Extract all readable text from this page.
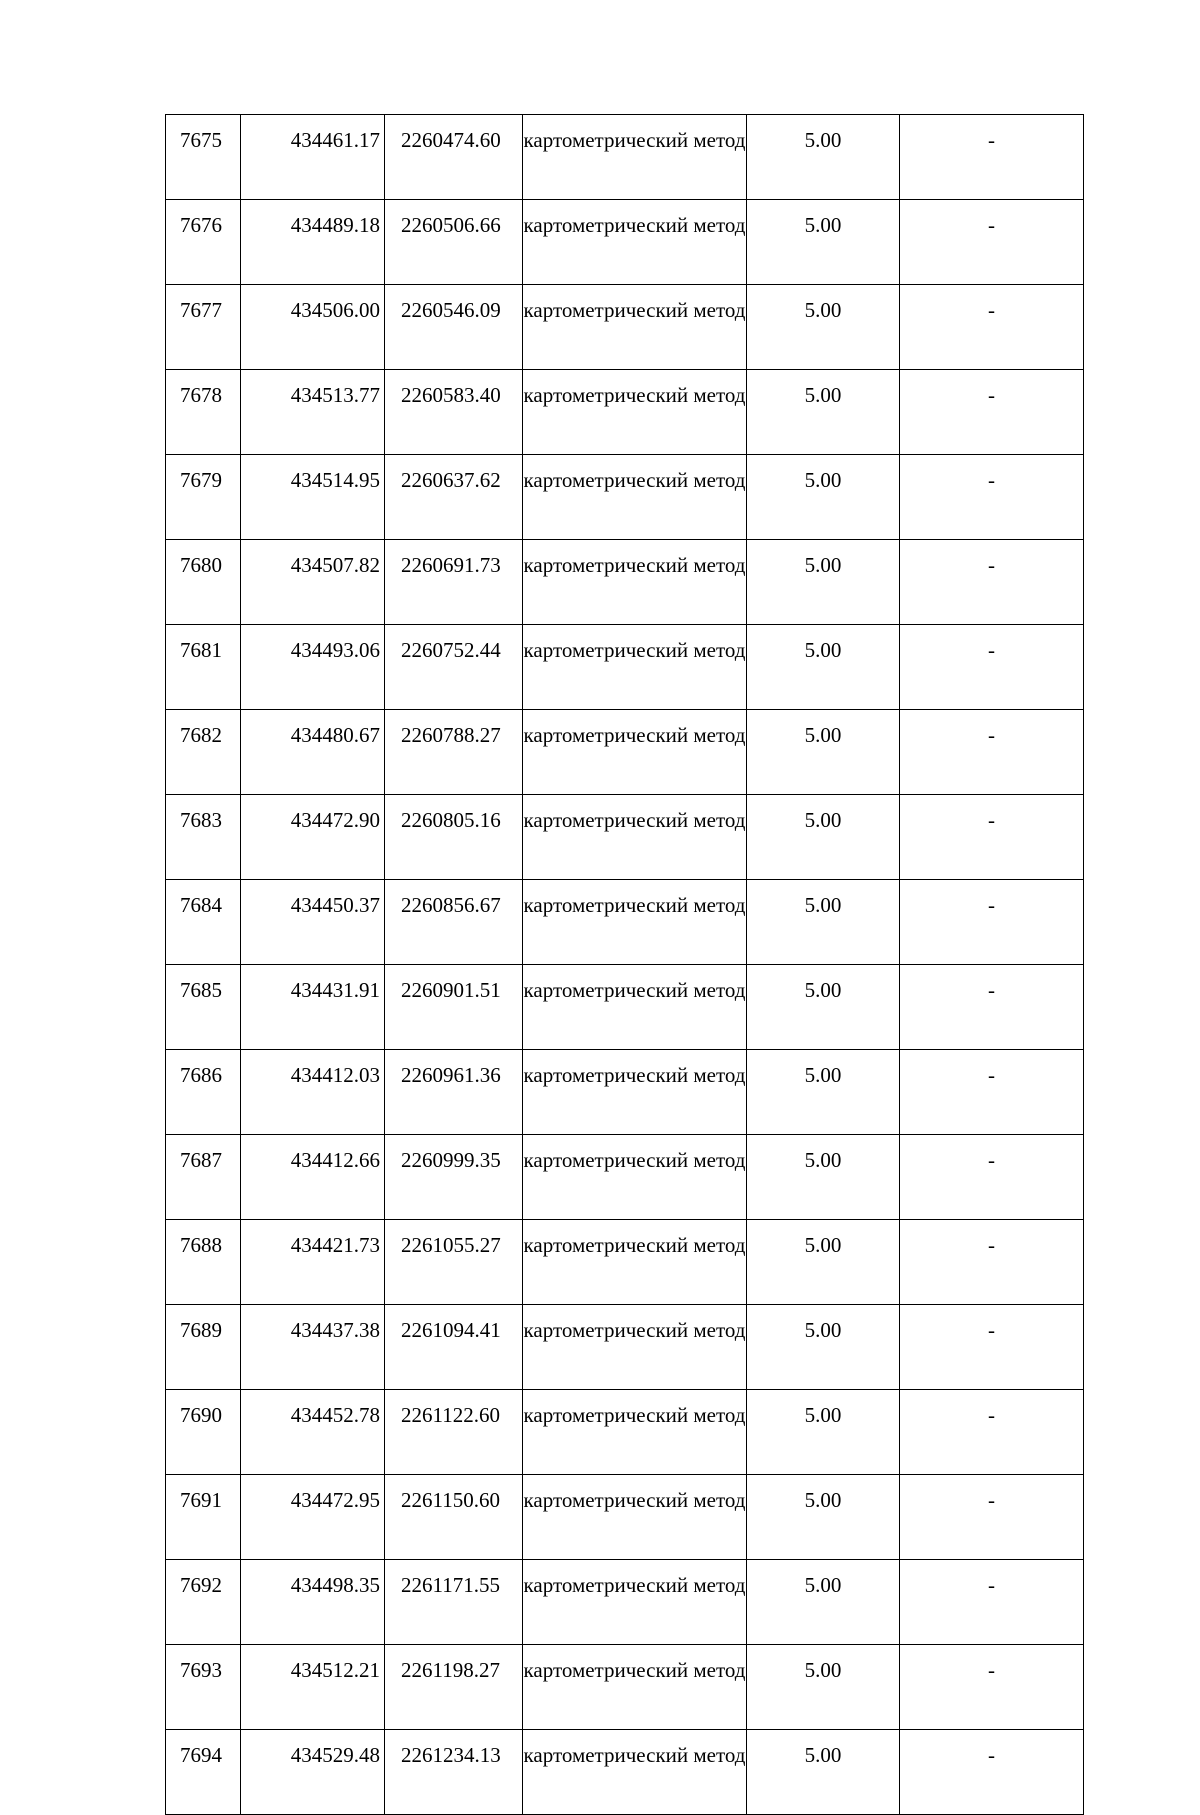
7675	434461.17	2260474.60	картометрический метод	5.00	-
7676	434489.18	2260506.66	картометрический метод	5.00	-
7677	434506.00	2260546.09	картометрический метод	5.00	-
7678	434513.77	2260583.40	картометрический метод	5.00	-
7679	434514.95	2260637.62	картометрический метод	5.00	-
7680	434507.82	2260691.73	картометрический метод	5.00	-
7681	434493.06	2260752.44	картометрический метод	5.00	-
7682	434480.67	2260788.27	картометрический метод	5.00	-
7683	434472.90	2260805.16	картометрический метод	5.00	-
7684	434450.37	2260856.67	картометрический метод	5.00	-
7685	434431.91	2260901.51	картометрический метод	5.00	-
7686	434412.03	2260961.36	картометрический метод	5.00	-
7687	434412.66	2260999.35	картометрический метод	5.00	-
7688	434421.73	2261055.27	картометрический метод	5.00	-
7689	434437.38	2261094.41	картометрический метод	5.00	-
7690	434452.78	2261122.60	картометрический метод	5.00	-
7691	434472.95	2261150.60	картометрический метод	5.00	-
7692	434498.35	2261171.55	картометрический метод	5.00	-
7693	434512.21	2261198.27	картометрический метод	5.00	-
7694	434529.48	2261234.13	картометрический метод	5.00	-
